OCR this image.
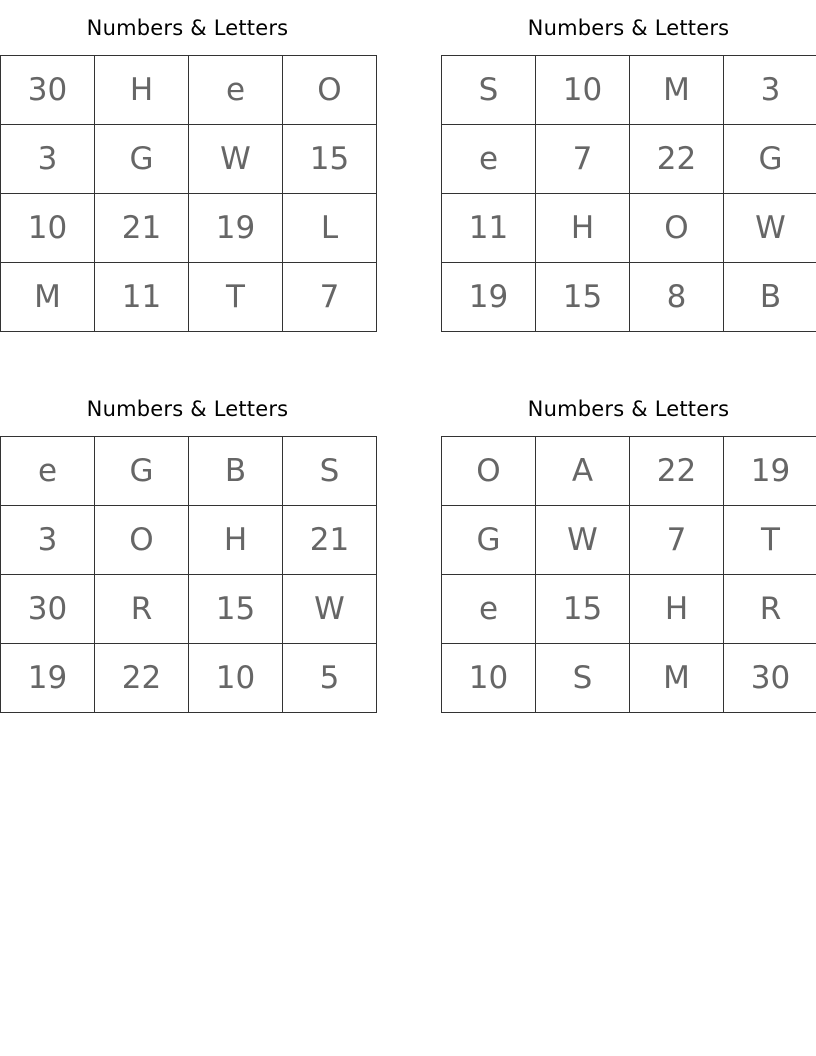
Numbers & Letters
30	H	e	O
3	G	W	15
10	21	19	L
M	11	T	7
Numbers & Letters
S	10	M	3
e	7	22	G
11	H	O	W
19	15	8	B
Numbers & Letters
e	G	B	S
3	O	H	21
30	R	15	W
19	22	10	5
Numbers & Letters
O	A	22	19
G	W	7	T
e	15	H	R
10	S	M	30
